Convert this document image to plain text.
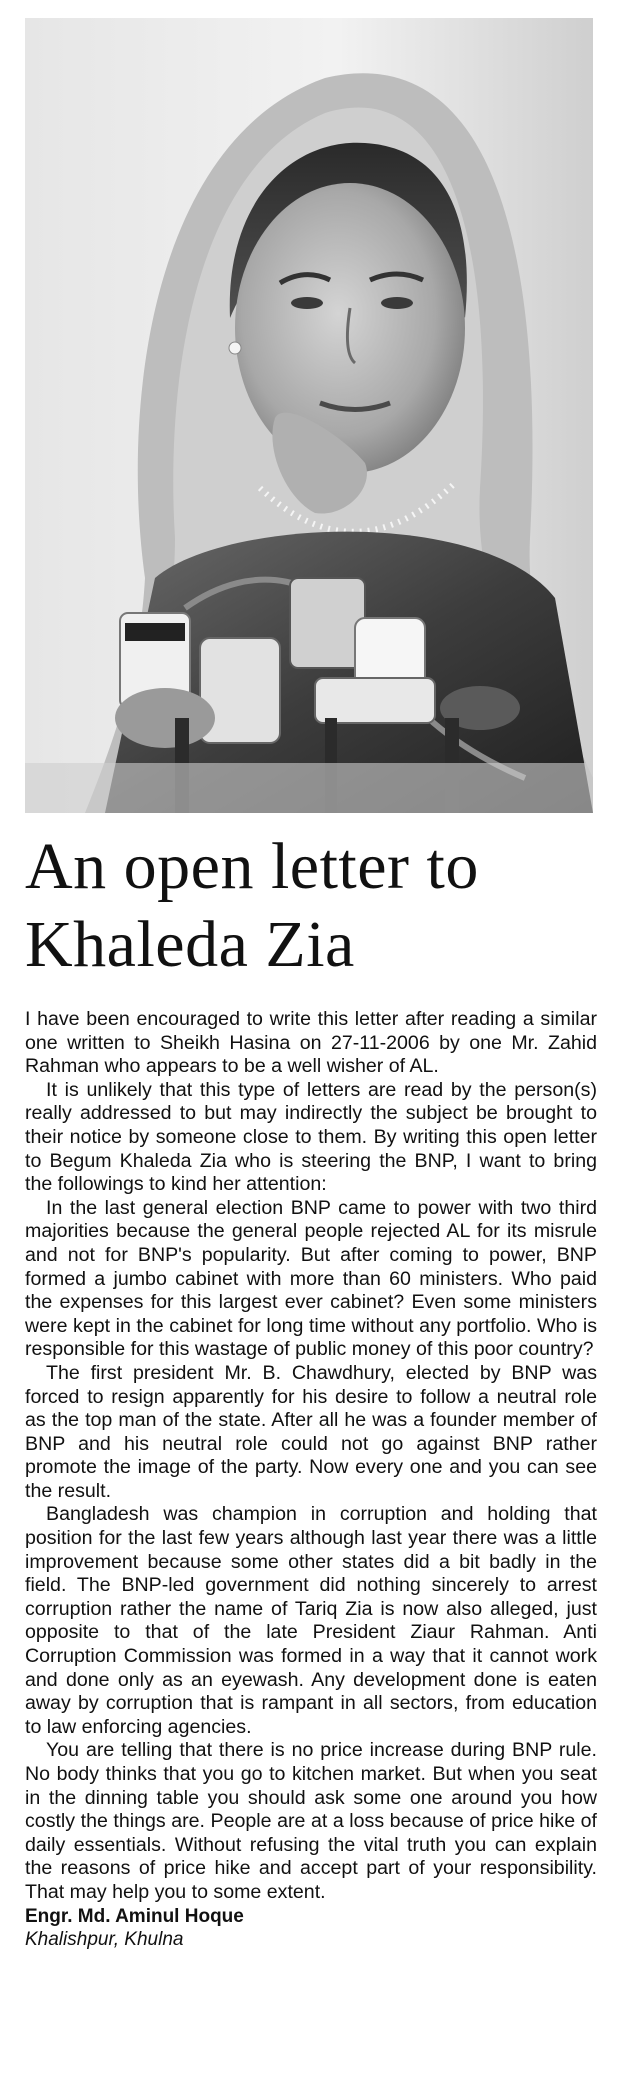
An open letter to
Khaleda Zia

I have been encouraged to write this letter after reading a similar one written to Sheikh Hasina on 27-11-2006 by one Mr. Zahid Rahman who appears to be a well wisher of AL.

It is unlikely that this type of letters are read by the person(s) really addressed to but may indirectly the subject be brought to their notice by someone close to them. By writing this open letter to Begum Khaleda Zia who is steering the BNP, I want to bring the followings to kind her attention:

In the last general election BNP came to power with two third majorities because the general people rejected AL for its misrule and not for BNP's popularity. But after coming to power, BNP formed a jumbo cabinet with more than 60 ministers. Who paid the expenses for this largest ever cabinet? Even some ministers were kept in the cabinet for long time without any portfolio. Who is responsible for this wastage of public money of this poor country?

The first president Mr. B. Chawdhury, elected by BNP was forced to resign apparently for his desire to follow a neutral role as the top man of the state. After all he was a founder member of BNP and his neutral role could not go against BNP rather promote the image of the party. Now every one and you can see the result.

Bangladesh was champion in corruption and holding that position for the last few years although last year there was a little improvement because some other states did a bit badly in the field. The BNP-led government did nothing sincerely to arrest corruption rather the name of Tariq Zia is now also alleged, just opposite to that of the late President Ziaur Rahman. Anti Corruption Commission was formed in a way that it cannot work and done only as an eyewash. Any development done is eaten away by corruption that is rampant in all sectors, from education to law enforcing agencies.

You are telling that there is no price increase during BNP rule. No body thinks that you go to kitchen market. But when you seat in the dinning table you should ask some one around you how costly the things are. People are at a loss because of price hike of daily essentials. Without refusing the vital truth you can explain the reasons of price hike and accept part of your responsibility. That may help you to some extent.

Engr. Md. Aminul Hoque
Khalishpur, Khulna
